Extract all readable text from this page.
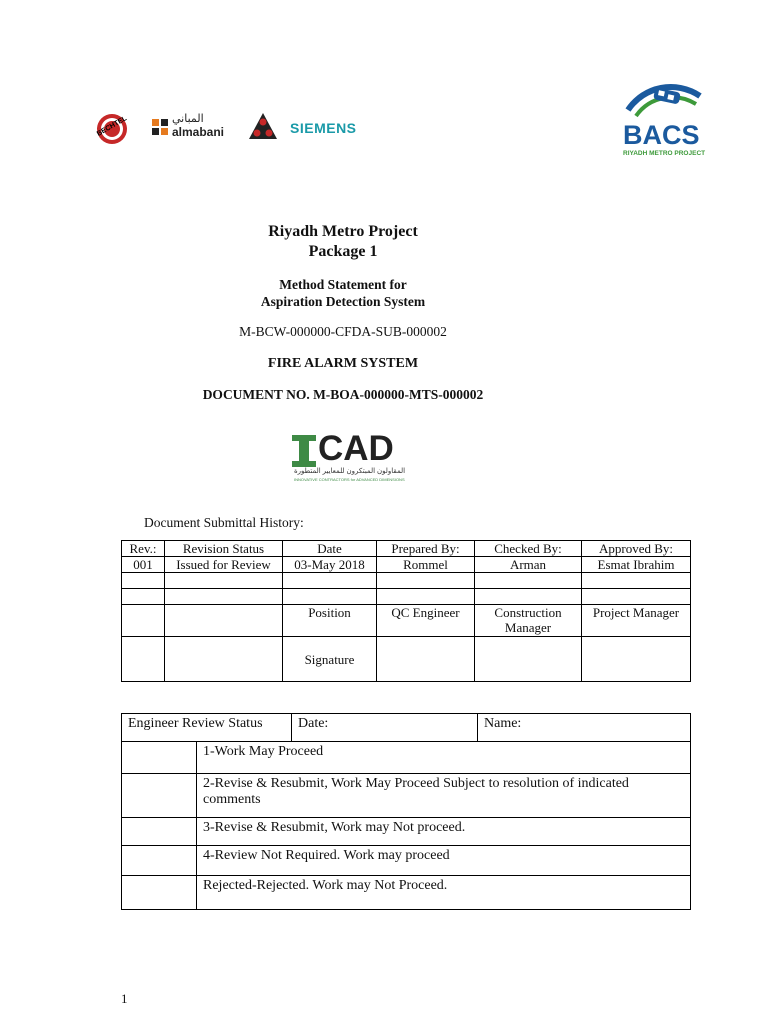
BECHTEL	المباني
almabani	SIEMENS	BACS
RIYADH METRO PROJECT
Riyadh Metro Project
Package 1
Method Statement for
Aspiration Detection System
M-BCW-000000-CFDA-SUB-000002
FIRE ALARM SYSTEM
DOCUMENT NO. M-BOA-000000-MTS-000002
CAD
المقاولون المبتكرون للمعايير المتطورة
INNOVATIVE CONTRACTORS for ADVANCED DIMENSIONS
Document Submittal History:
Rev.:	Revision Status	Date	Prepared By:	Checked By:	Approved By:
001	Issued for Review	03-May 2018	Rommel	Arman	Esmat Ibrahim

		Position	QC Engineer	Construction Manager	Project Manager
		Signature			
Engineer Review Status		Date:	Name:
	1-Work May Proceed		
	2-Revise & Resubmit, Work May Proceed Subject to resolution of indicated comments		
	3-Revise & Resubmit, Work may Not proceed.		
	4-Review Not Required. Work may proceed		
	Rejected-Rejected. Work may Not Proceed.		
1
